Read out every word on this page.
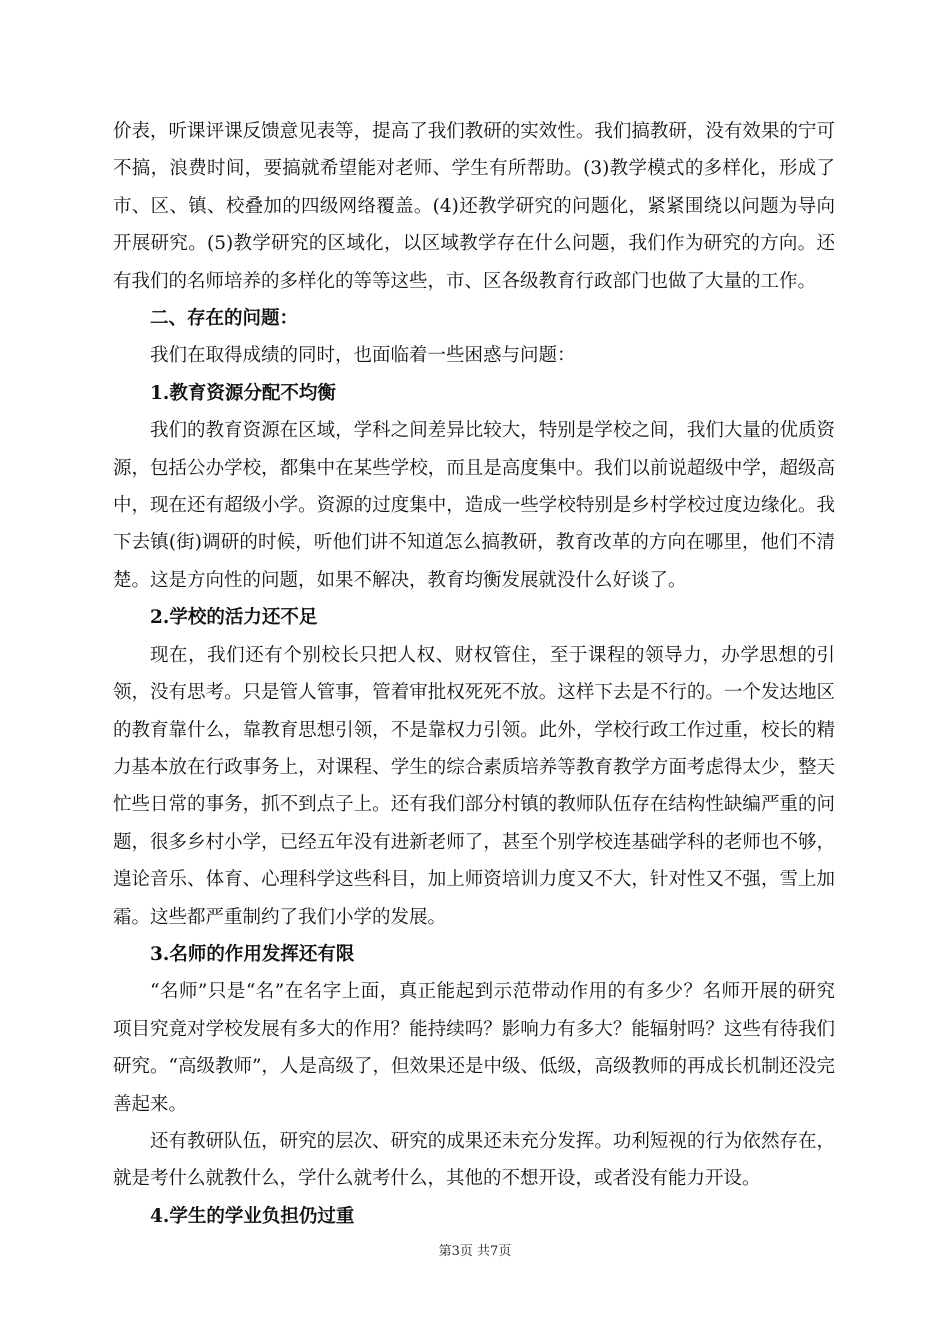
价表，听课评课反馈意见表等，提高了我们教研的实效性。我们搞教研，没有效果的宁可不搞，浪费时间，要搞就希望能对老师、学生有所帮助。(3)教学模式的多样化，形成了市、区、镇、校叠加的四级网络覆盖。(4)还教学研究的问题化，紧紧围绕以问题为导向开展研究。(5)教学研究的区域化，以区域教学存在什么问题，我们作为研究的方向。还有我们的名师培养的多样化的等等这些，市、区各级教育行政部门也做了大量的工作。

二、存在的问题：

我们在取得成绩的同时，也面临着一些困惑与问题：

1.教育资源分配不均衡

我们的教育资源在区域，学科之间差异比较大，特别是学校之间，我们大量的优质资源，包括公办学校，都集中在某些学校，而且是高度集中。我们以前说超级中学，超级高中，现在还有超级小学。资源的过度集中，造成一些学校特别是乡村学校过度边缘化。我下去镇(街)调研的时候，听他们讲不知道怎么搞教研，教育改革的方向在哪里，他们不清楚。这是方向性的问题，如果不解决，教育均衡发展就没什么好谈了。

2.学校的活力还不足

现在，我们还有个别校长只把人权、财权管住，至于课程的领导力，办学思想的引领，没有思考。只是管人管事，管着审批权死死不放。这样下去是不行的。一个发达地区的教育靠什么，靠教育思想引领，不是靠权力引领。此外，学校行政工作过重，校长的精力基本放在行政事务上，对课程、学生的综合素质培养等教育教学方面考虑得太少，整天忙些日常的事务，抓不到点子上。还有我们部分村镇的教师队伍存在结构性缺编严重的问题，很多乡村小学，已经五年没有进新老师了，甚至个别学校连基础学科的老师也不够，遑论音乐、体育、心理科学这些科目，加上师资培训力度又不大，针对性又不强，雪上加霜。这些都严重制约了我们小学的发展。

3.名师的作用发挥还有限

“名师”只是“名”在名字上面，真正能起到示范带动作用的有多少？名师开展的研究项目究竟对学校发展有多大的作用？能持续吗？影响力有多大？能辐射吗？这些有待我们研究。“高级教师”，人是高级了，但效果还是中级、低级，高级教师的再成长机制还没完善起来。

还有教研队伍，研究的层次、研究的成果还未充分发挥。功利短视的行为依然存在，就是考什么就教什么，学什么就考什么，其他的不想开设，或者没有能力开设。

4.学生的学业负担仍过重

第3页 共7页
